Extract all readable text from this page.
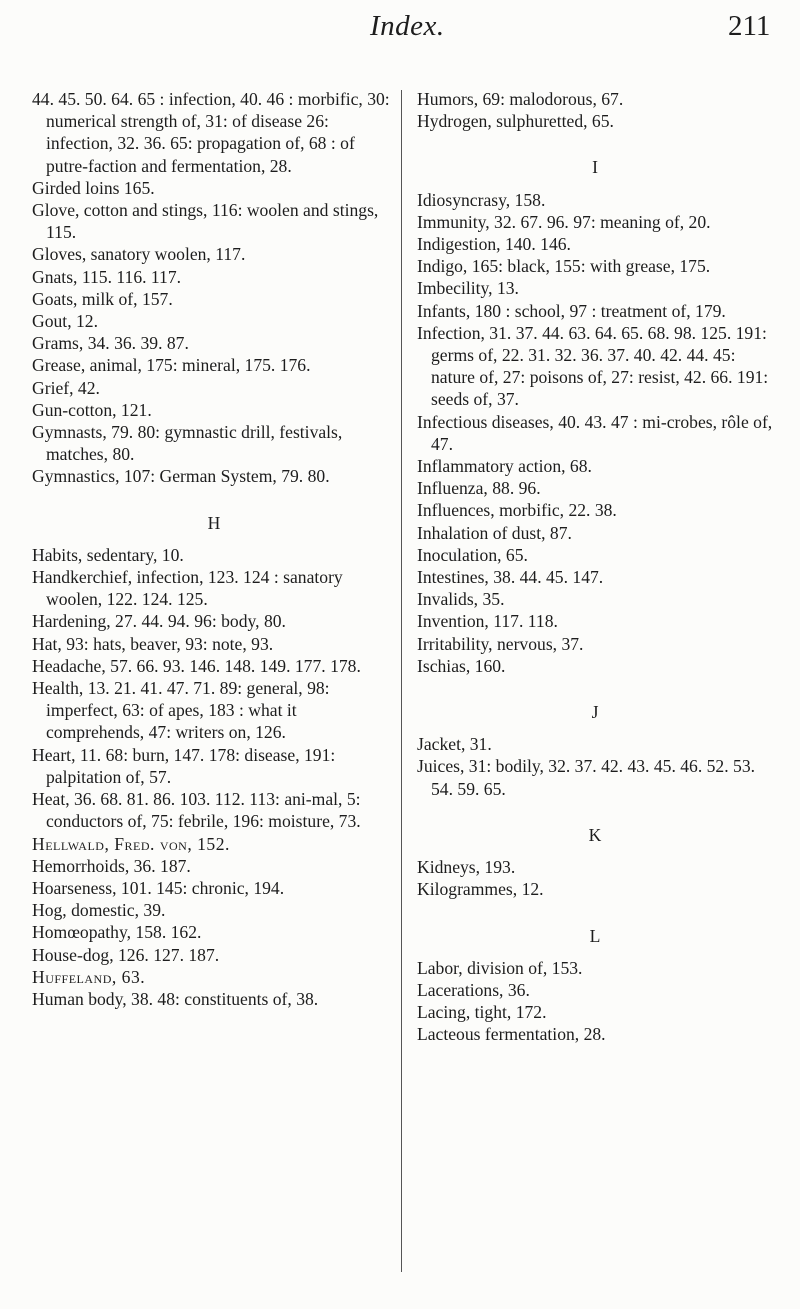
Index.	211
44. 45. 50. 64. 65 : infection, 40. 46 : morbific, 30: numerical strength of, 31: of disease 26: infection, 32. 36. 65: propagation of, 68 : of putre-faction and fermentation, 28.
Girded loins 165.
Glove, cotton and stings, 116: woolen and stings, 115.
Gloves, sanatory woolen, 117.
Gnats, 115. 116. 117.
Goats, milk of, 157.
Gout, 12.
Grams, 34. 36. 39. 87.
Grease, animal, 175: mineral, 175. 176.
Grief, 42.
Gun-cotton, 121.
Gymnasts, 79. 80: gymnastic drill, festivals, matches, 80.
Gymnastics, 107: German System, 79. 80.
H
Habits, sedentary, 10.
Handkerchief, infection, 123. 124 : sanatory woolen, 122. 124. 125.
Hardening, 27. 44. 94. 96: body, 80.
Hat, 93: hats, beaver, 93: note, 93.
Headache, 57. 66. 93. 146. 148. 149. 177. 178.
Health, 13. 21. 41. 47. 71. 89: general, 98: imperfect, 63: of apes, 183 : what it comprehends, 47: writers on, 126.
Heart, 11. 68: burn, 147. 178: disease, 191: palpitation of, 57.
Heat, 36. 68. 81. 86. 103. 112. 113: ani-mal, 5: conductors of, 75: febrile, 196: moisture, 73.
Hellwald, Fred. von, 152.
Hemorrhoids, 36. 187.
Hoarseness, 101. 145: chronic, 194.
Hog, domestic, 39.
Homœopathy, 158. 162.
House-dog, 126. 127. 187.
Huffeland, 63.
Human body, 38. 48: constituents of, 38.
Humors, 69: malodorous, 67.
Hydrogen, sulphuretted, 65.
I
Idiosyncrasy, 158.
Immunity, 32. 67. 96. 97: meaning of, 20.
Indigestion, 140. 146.
Indigo, 165: black, 155: with grease, 175.
Imbecility, 13.
Infants, 180 : school, 97 : treatment of, 179.
Infection, 31. 37. 44. 63. 64. 65. 68. 98. 125. 191: germs of, 22. 31. 32. 36. 37. 40. 42. 44. 45: nature of, 27: poisons of, 27: resist, 42. 66. 191: seeds of, 37.
Infectious diseases, 40. 43. 47 : mi-crobes, rôle of, 47.
Inflammatory action, 68.
Influenza, 88. 96.
Influences, morbific, 22. 38.
Inhalation of dust, 87.
Inoculation, 65.
Intestines, 38. 44. 45. 147.
Invalids, 35.
Invention, 117. 118.
Irritability, nervous, 37.
Ischias, 160.
J
Jacket, 31.
Juices, 31: bodily, 32. 37. 42. 43. 45. 46. 52. 53. 54. 59. 65.
K
Kidneys, 193.
Kilogrammes, 12.
L
Labor, division of, 153.
Lacerations, 36.
Lacing, tight, 172.
Lacteous fermentation, 28.
